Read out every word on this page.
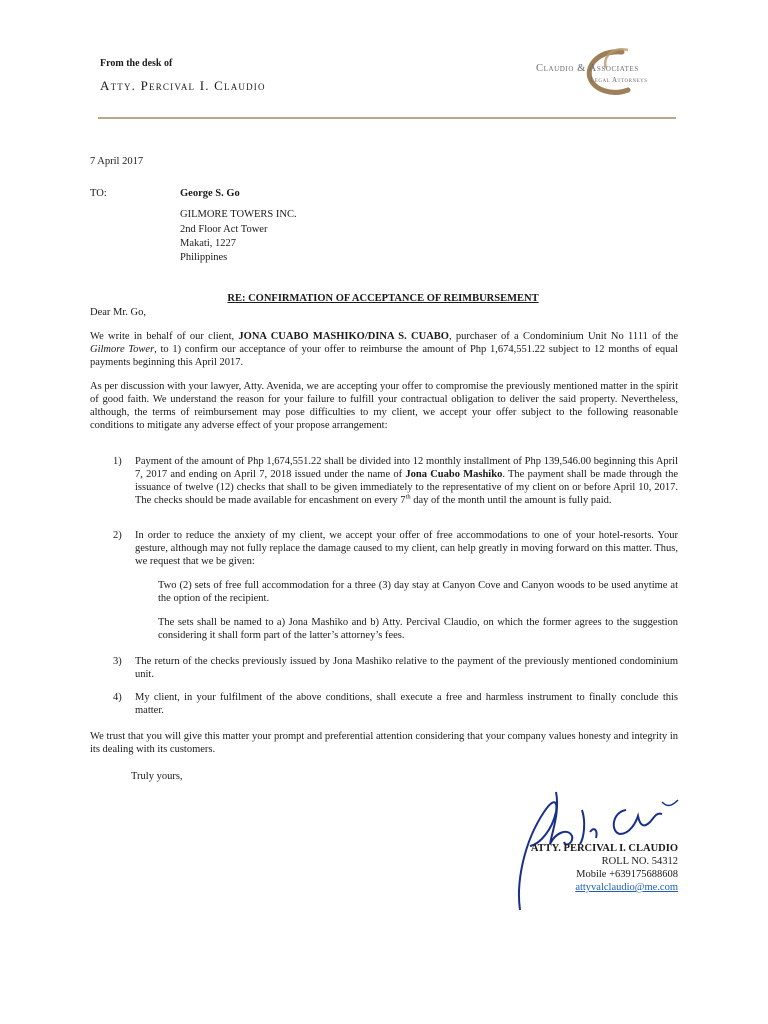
From the desk of
Atty. Percival I. Claudio
Claudio & Associates
Legal Attorneys
7 April 2017
TO:	George S. Go
GILMORE TOWERS INC.
2nd Floor Act Tower
Makati, 1227
Philippines
RE: CONFIRMATION OF ACCEPTANCE OF REIMBURSEMENT
Dear Mr. Go,
We write in behalf of our client, JONA CUABO MASHIKO/DINA S. CUABO, purchaser of a Condominium Unit No 1111 of the Gilmore Tower, to 1) confirm our acceptance of your offer to reimburse the amount of Php 1,674,551.22 subject to 12 months of equal payments beginning this April 2017.
As per discussion with your lawyer, Atty. Avenida, we are accepting your offer to compromise the previously mentioned matter in the spirit of good faith. We understand the reason for your failure to fulfill your contractual obligation to deliver the said property. Nevertheless, although, the terms of reimbursement may pose difficulties to my client, we accept your offer subject to the following reasonable conditions to mitigate any adverse effect of your propose arrangement:
1) Payment of the amount of Php 1,674,551.22 shall be divided into 12 monthly installment of Php 139,546.00 beginning this April 7, 2017 and ending on April 7, 2018 issued under the name of Jona Cuabo Mashiko. The payment shall be made through the issuance of twelve (12) checks that shall to be given immediately to the representative of my client on or before April 10, 2017. The checks should be made available for encashment on every 7th day of the month until the amount is fully paid.
2) In order to reduce the anxiety of my client, we accept your offer of free accommodations to one of your hotel-resorts. Your gesture, although may not fully replace the damage caused to my client, can help greatly in moving forward on this matter. Thus, we request that we be given:
Two (2) sets of free full accommodation for a three (3) day stay at Canyon Cove and Canyon woods to be used anytime at the option of the recipient.
The sets shall be named to a) Jona Mashiko and b) Atty. Percival Claudio, on which the former agrees to the suggestion considering it shall form part of the latter’s attorney’s fees.
3) The return of the checks previously issued by Jona Mashiko relative to the payment of the previously mentioned condominium unit.
4) My client, in your fulfilment of the above conditions, shall execute a free and harmless instrument to finally conclude this matter.
We trust that you will give this matter your prompt and preferential attention considering that your company values honesty and integrity in its dealing with its customers.
Truly yours,
ATTY. PERCIVAL I. CLAUDIO
ROLL NO. 54312
Mobile +639175688608
attyvalclaudio@me.com
